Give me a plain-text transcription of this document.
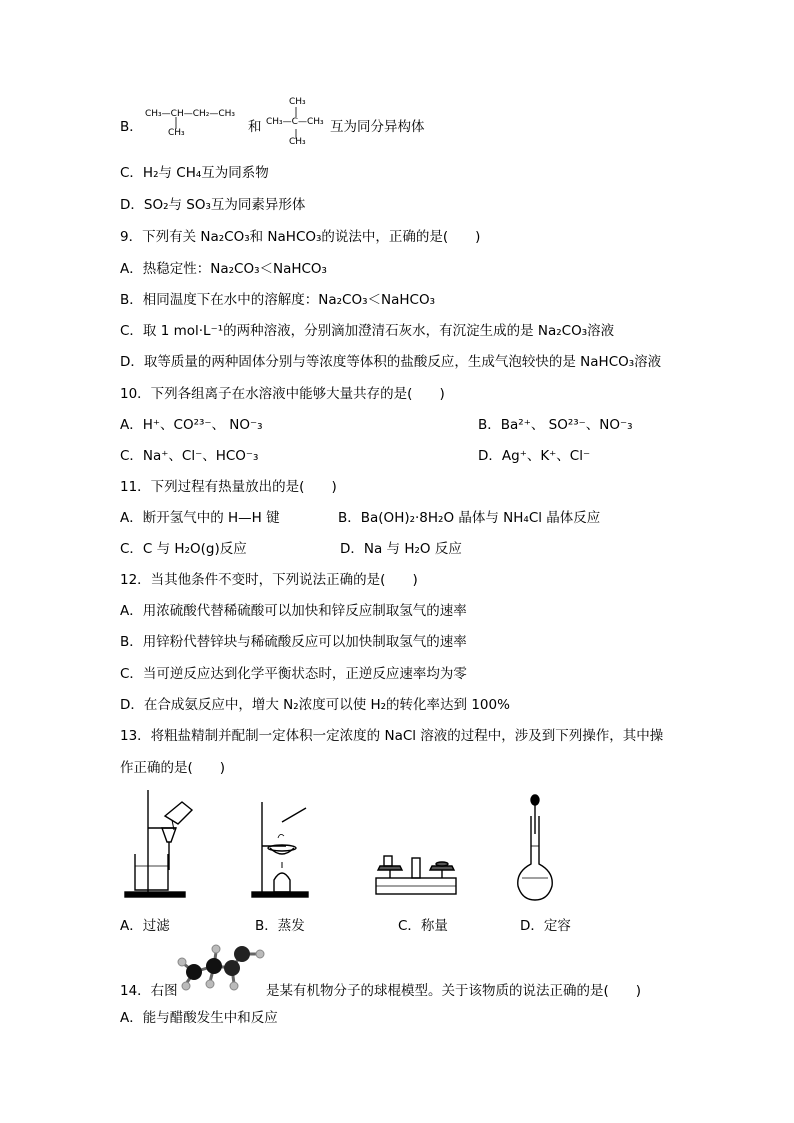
B．
CH₃—CH—CH₂—CH₃
CH₃	和
CH₃
CH₃—C—CH₃
CH₃
互为同分异构体
C．H₂与 CH₄互为同系物
D．SO₂与 SO₃互为同素异形体
9．下列有关 Na₂CO₃和 NaHCO₃的说法中，正确的是(　　)
A．热稳定性：Na₂CO₃＜NaHCO₃
B．相同温度下在水中的溶解度：Na₂CO₃＜NaHCO₃
C．取 1 mol·L⁻¹的两种溶液，分别滴加澄清石灰水，有沉淀生成的是 Na₂CO₃溶液
D．取等质量的两种固体分别与等浓度等体积的盐酸反应，生成气泡较快的是 NaHCO₃溶液
10．下列各组离子在水溶液中能够大量共存的是(　　)
A．H⁺、CO²³⁻、 NO⁻₃	B．Ba²⁺、 SO²³⁻、NO⁻₃
C．Na⁺、Cl⁻、HCO⁻₃	D．Ag⁺、K⁺、Cl⁻
11．下列过程有热量放出的是(　　)
A．断开氢气中的 H—H 键	B．Ba(OH)₂·8H₂O 晶体与 NH₄Cl 晶体反应
C．C 与 H₂O(g)反应	D．Na 与 H₂O 反应
12．当其他条件不变时，下列说法正确的是(　　)
A．用浓硫酸代替稀硫酸可以加快和锌反应制取氢气的速率
B．用锌粉代替锌块与稀硫酸反应可以加快制取氢气的速率
C．当可逆反应达到化学平衡状态时，正逆反应速率均为零
D．在合成氨反应中，增大 N₂浓度可以使 H₂的转化率达到 100%
13．将粗盐精制并配制一定体积一定浓度的 NaCl 溶液的过程中，涉及到下列操作，其中操
作正确的是(　　)
A．过滤	B．蒸发	C．称量	D．定容
14．右图	是某有机物分子的球棍模型。关于该物质的说法正确的是(　　)
A．能与醋酸发生中和反应
